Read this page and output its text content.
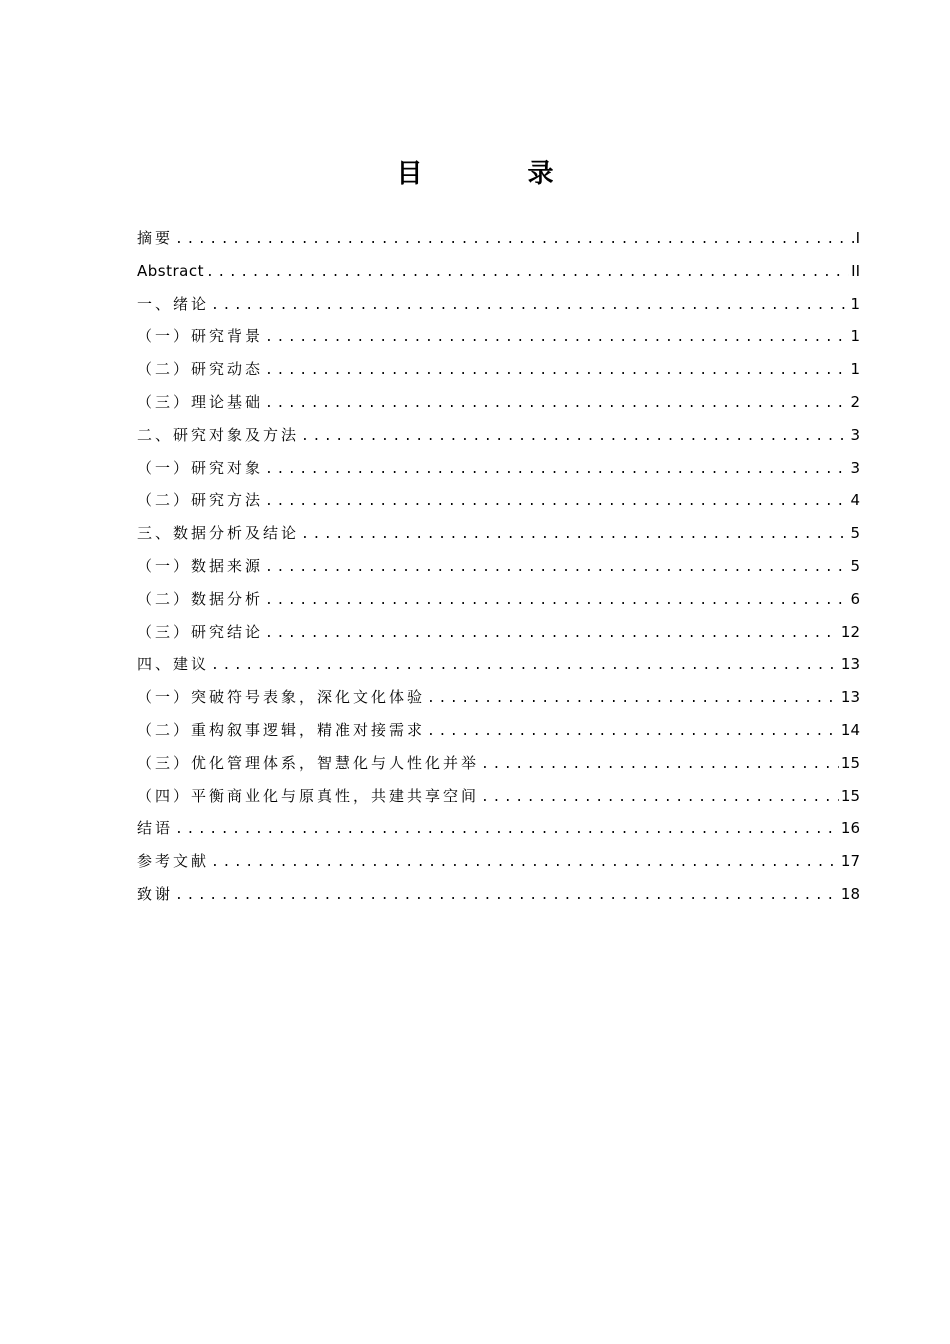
目 录
摘要 .....	I
Abstract .....	II
一、绪论 .....	1
（一）研究背景 .....	1
（二）研究动态 .....	1
（三）理论基础 .....	2
二、研究对象及方法 .....	3
（一）研究对象 .....	3
（二）研究方法 .....	4
三、数据分析及结论 .....	5
（一）数据来源 .....	5
（二）数据分析 .....	6
（三）研究结论 .....	12
四、建议 .....	13
（一）突破符号表象，深化文化体验 .....	13
（二）重构叙事逻辑，精准对接需求 .....	14
（三）优化管理体系，智慧化与人性化并举 .....	15
（四）平衡商业化与原真性，共建共享空间 .....	15
结语 .....	16
参考文献 .....	17
致谢 .....	18
